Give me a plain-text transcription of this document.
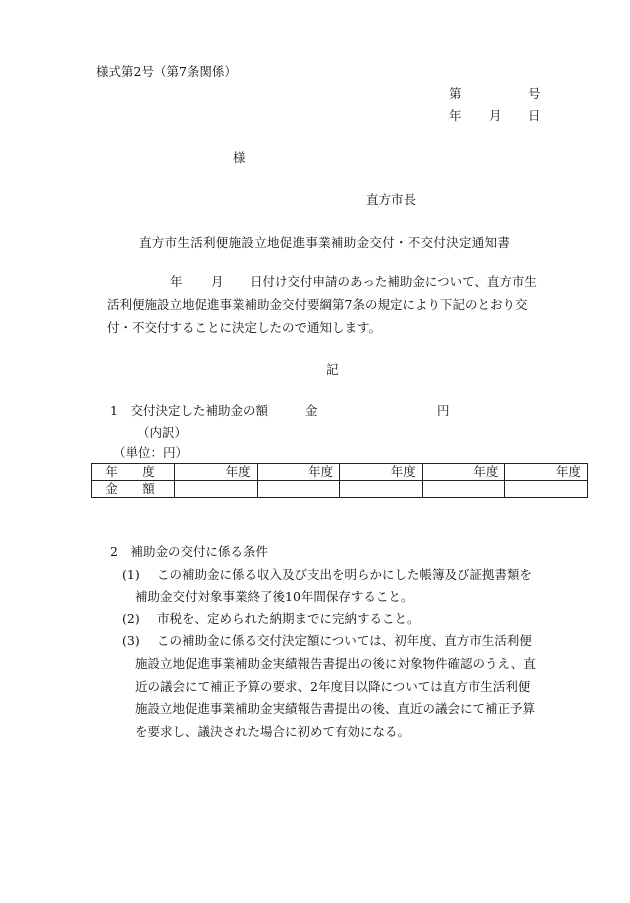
様式第2号（第7条関係）
第	号
年 月 日
様
直方市長
直方市生活利便施設立地促進事業補助金交付・不交付決定通知書
年 月 日付け交付申請のあった補助金について、直方市生
活利便施設立地促進事業補助金交付要綱第7条の規定により下記のとおり交
付・不交付することに決定したので通知します。
記
1　交付決定した補助金の額	金	円
（内訳）
（単位：円）
年　度	年度	年度	年度	年度	年度
金　額					
2　補助金の交付に係る条件
(1) この補助金に係る収入及び支出を明らかにした帳簿及び証拠書類を
補助金交付対象事業終了後10年間保存すること。
(2) 市税を、定められた納期までに完納すること。
(3) この補助金に係る交付決定額については、初年度、直方市生活利便
施設立地促進事業補助金実績報告書提出の後に対象物件確認のうえ、直
近の議会にて補正予算の要求、2年度目以降については直方市生活利便
施設立地促進事業補助金実績報告書提出の後、直近の議会にて補正予算
を要求し、議決された場合に初めて有効になる。
